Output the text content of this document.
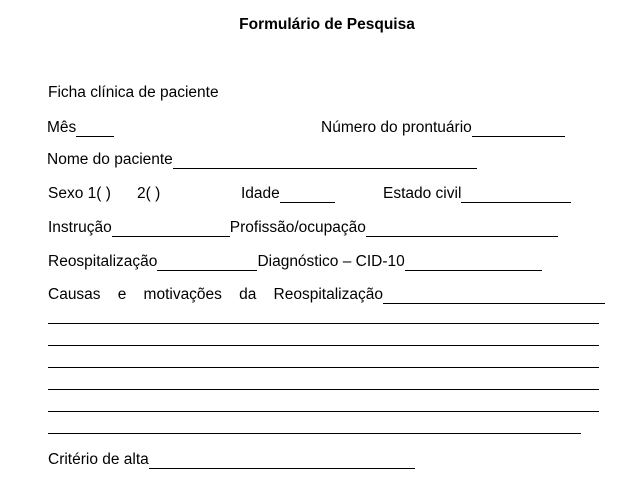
Formulário de Pesquisa
Ficha clínica de paciente
Mês	Número do prontuário
Nome do paciente
Sexo 1( ) 2( )	Idade	Estado civil
Instrução	Profissão/ocupação
Reospitalização	Diagnóstico – CID-10
Causas e motivações da Reospitalização
Critério de alta
